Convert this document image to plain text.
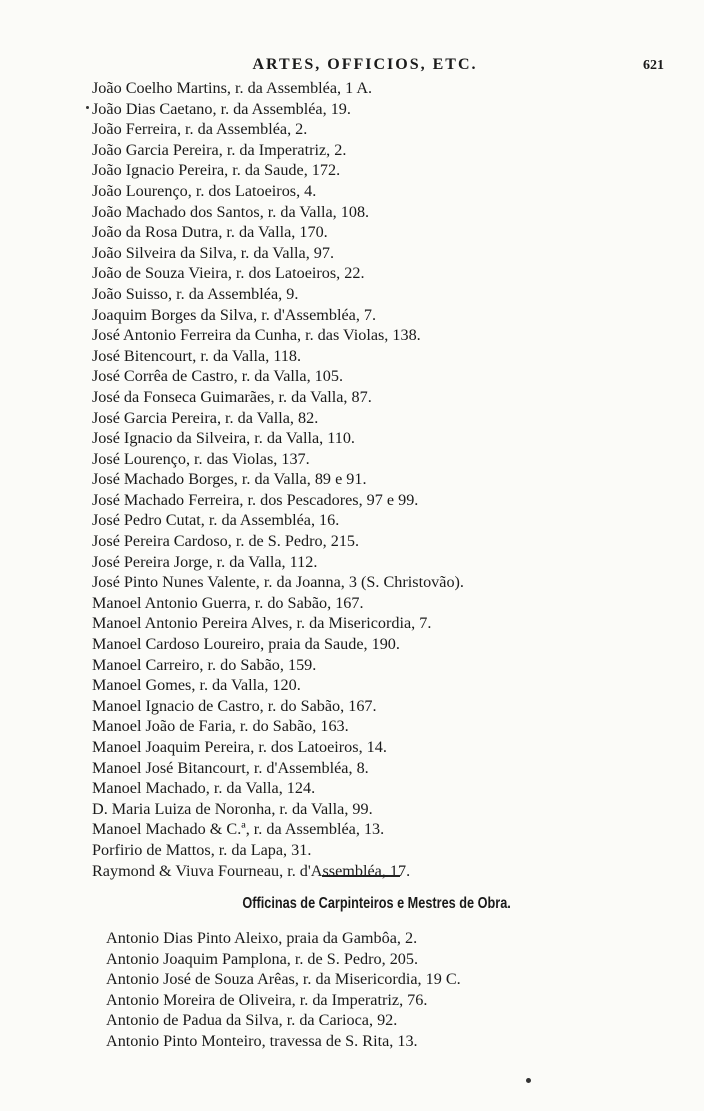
ARTES, OFFICIOS, ETC.	621
João Coelho Martins, r. da Assembléa, 1 A.
João Dias Caetano, r. da Assembléa, 19.
João Ferreira, r. da Assembléa, 2.
João Garcia Pereira, r. da Imperatriz, 2.
João Ignacio Pereira, r. da Saude, 172.
João Lourenço, r. dos Latoeiros, 4.
João Machado dos Santos, r. da Valla, 108.
João da Rosa Dutra, r. da Valla, 170.
João Silveira da Silva, r. da Valla, 97.
João de Souza Vieira, r. dos Latoeiros, 22.
João Suisso, r. da Assembléa, 9.
Joaquim Borges da Silva, r. d'Assembléa, 7.
José Antonio Ferreira da Cunha, r. das Violas, 138.
José Bitencourt, r. da Valla, 118.
José Corrêa de Castro, r. da Valla, 105.
José da Fonseca Guimarães, r. da Valla, 87.
José Garcia Pereira, r. da Valla, 82.
José Ignacio da Silveira, r. da Valla, 110.
José Lourenço, r. das Violas, 137.
José Machado Borges, r. da Valla, 89 e 91.
José Machado Ferreira, r. dos Pescadores, 97 e 99.
José Pedro Cutat, r. da Assembléa, 16.
José Pereira Cardoso, r. de S. Pedro, 215.
José Pereira Jorge, r. da Valla, 112.
José Pinto Nunes Valente, r. da Joanna, 3 (S. Christovão).
Manoel Antonio Guerra, r. do Sabão, 167.
Manoel Antonio Pereira Alves, r. da Misericordia, 7.
Manoel Cardoso Loureiro, praia da Saude, 190.
Manoel Carreiro, r. do Sabão, 159.
Manoel Gomes, r. da Valla, 120.
Manoel Ignacio de Castro, r. do Sabão, 167.
Manoel João de Faria, r. do Sabão, 163.
Manoel Joaquim Pereira, r. dos Latoeiros, 14.
Manoel José Bitancourt, r. d'Assembléa, 8.
Manoel Machado, r. da Valla, 124.
D. Maria Luiza de Noronha, r. da Valla, 99.
Manoel Machado & C.ª, r. da Assembléa, 13.
Porfirio de Mattos, r. da Lapa, 31.
Raymond & Viuva Fourneau, r. d'Assembléa, 17.
Officinas de Carpinteiros e Mestres de Obra.
Antonio Dias Pinto Aleixo, praia da Gambôa, 2.
Antonio Joaquim Pamplona, r. de S. Pedro, 205.
Antonio José de Souza Arêas, r. da Misericordia, 19 C.
Antonio Moreira de Oliveira, r. da Imperatriz, 76.
Antonio de Padua da Silva, r. da Carioca, 92.
Antonio Pinto Monteiro, travessa de S. Rita, 13.
